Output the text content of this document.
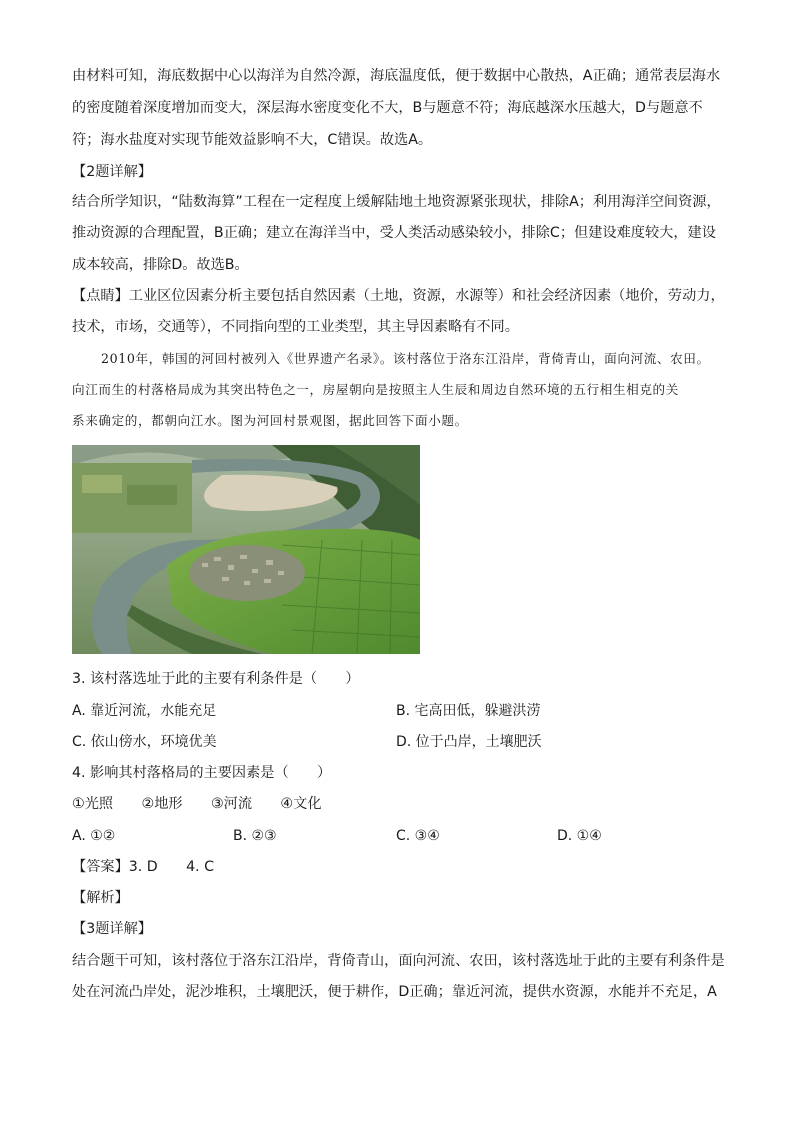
由材料可知，海底数据中心以海洋为自然冷源，海底温度低，便于数据中心散热，A正确；通常表层海水
的密度随着深度增加而变大，深层海水密度变化不大，B与题意不符；海底越深水压越大，D与题意不
符；海水盐度对实现节能效益影响不大，C错误。故选A。
【2题详解】
结合所学知识，“陆数海算”工程在一定程度上缓解陆地土地资源紧张现状，排除A；利用海洋空间资源，
推动资源的合理配置，B正确；建立在海洋当中，受人类活动感染较小，排除C；但建设难度较大，建设
成本较高，排除D。故选B。
【点睛】工业区位因素分析主要包括自然因素（土地，资源，水源等）和社会经济因素（地价，劳动力，
技术，市场，交通等），不同指向型的工业类型，其主导因素略有不同。
2010年，韩国的河回村被列入《世界遗产名录》。该村落位于洛东江沿岸，背倚青山，面向河流、农田。
向江而生的村落格局成为其突出特色之一，房屋朝向是按照主人生辰和周边自然环境的五行相生相克的关
系来确定的，都朝向江水。图为河回村景观图，据此回答下面小题。
3. 该村落选址于此的主要有利条件是（　　）
A. 靠近河流，水能充足	B. 宅高田低，躲避洪涝
C. 依山傍水，环境优美	D. 位于凸岸，土壤肥沃
4. 影响其村落格局的主要因素是（　　）
①光照　　②地形　　③河流　　④文化
A. ①②	B. ②③	C. ③④	D. ①④
【答案】3. D　　4. C
【解析】
【3题详解】
结合题干可知，该村落位于洛东江沿岸，背倚青山，面向河流、农田，该村落选址于此的主要有利条件是
处在河流凸岸处，泥沙堆积，土壤肥沃，便于耕作，D正确；靠近河流，提供水资源，水能并不充足，A
